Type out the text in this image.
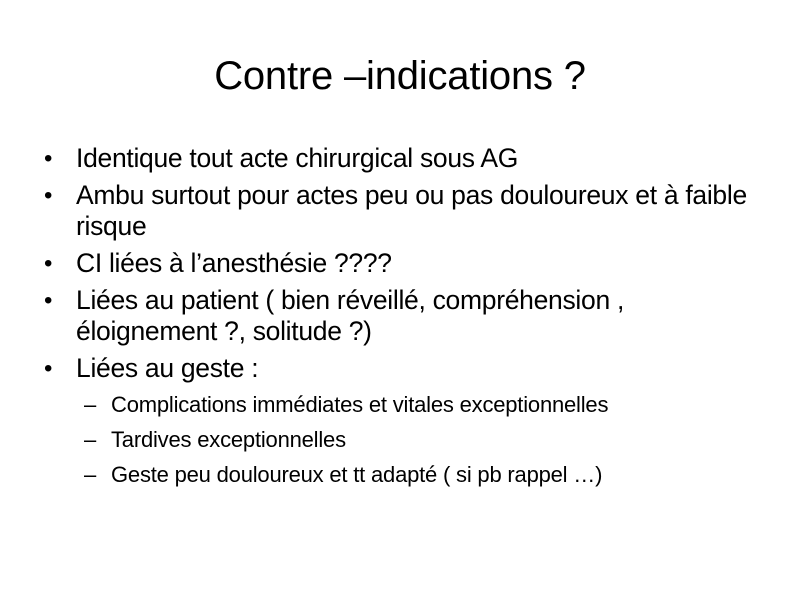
Contre –indications ?
• Identique tout acte chirurgical sous AG
• Ambu surtout pour actes peu ou pas douloureux et à faible risque
• CI liées à l’anesthésie ????
• Liées au patient ( bien réveillé, compréhension , éloignement ?, solitude ?)
• Liées au geste :
– Complications immédiates et vitales exceptionnelles
– Tardives exceptionnelles
– Geste peu douloureux et tt adapté ( si pb rappel …)
